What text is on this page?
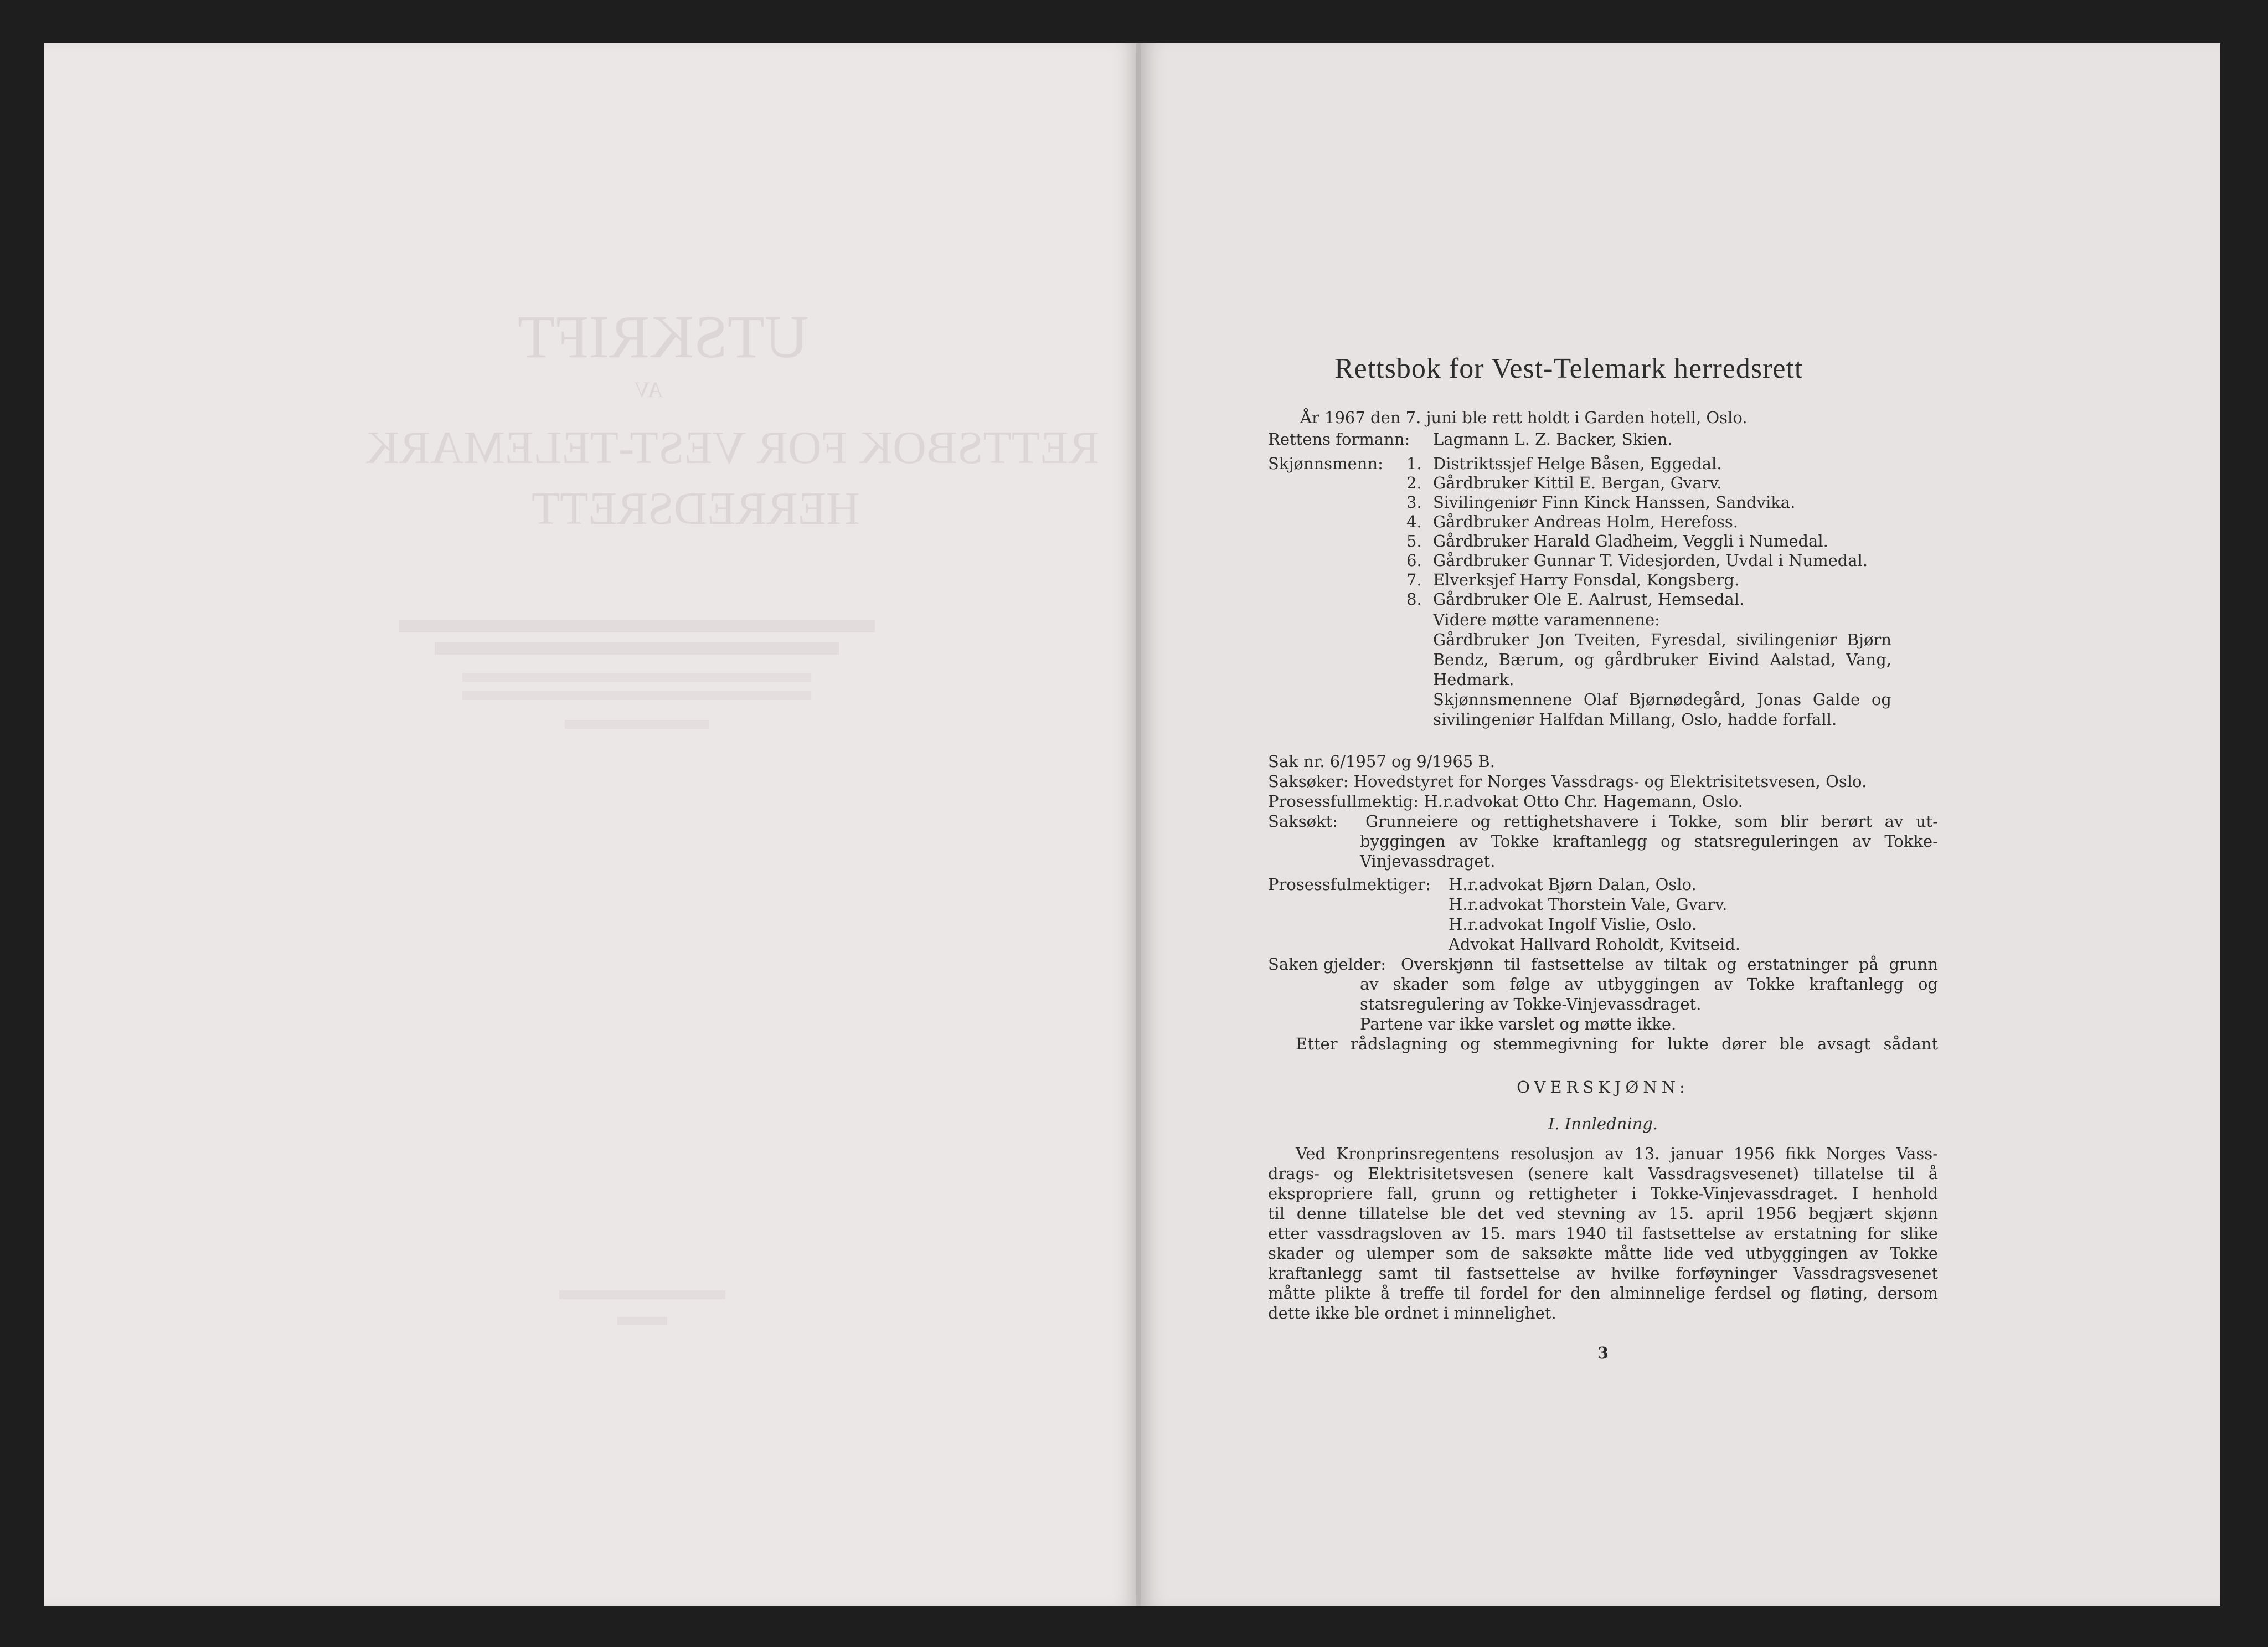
UTSKRIFT
AV
RETTSBOK FOR VEST-TELEMARK
HERREDSRETT
Rettsbok for Vest-Telemark herredsrett
År 1967 den 7. juni ble rett holdt i Garden hotell, Oslo.
Rettens formann: Lagmann L. Z. Backer, Skien.
Skjønnsmenn: 1. Distriktssjef Helge Båsen, Eggedal.
2. Gårdbruker Kittil E. Bergan, Gvarv.
3. Sivilingeniør Finn Kinck Hanssen, Sandvika.
4. Gårdbruker Andreas Holm, Herefoss.
5. Gårdbruker Harald Gladheim, Veggli i Numedal.
6. Gårdbruker Gunnar T. Videsjorden, Uvdal i Numedal.
7. Elverksjef Harry Fonsdal, Kongsberg.
8. Gårdbruker Ole E. Aalrust, Hemsedal.
Videre møtte varamennene:
Gårdbruker Jon Tveiten, Fyresdal, sivilingeniør Bjørn
Bendz, Bærum, og gårdbruker Eivind Aalstad, Vang,
Hedmark.
Skjønnsmennene Olaf Bjørnødegård, Jonas Galde og
sivilingeniør Halfdan Millang, Oslo, hadde forfall.
Sak nr. 6/1957 og 9/1965 B.
Saksøker: Hovedstyret for Norges Vassdrags- og Elektrisitetsvesen, Oslo.
Prosessfullmektig: H.r.advokat Otto Chr. Hagemann, Oslo.
Saksøkt: Grunneiere og rettighetshavere i Tokke, som blir berørt av ut-
byggingen av Tokke kraftanlegg og statsreguleringen av Tokke-
Vinjevassdraget.
Prosessfulmektiger: H.r.advokat Bjørn Dalan, Oslo.
H.r.advokat Thorstein Vale, Gvarv.
H.r.advokat Ingolf Vislie, Oslo.
Advokat Hallvard Roholdt, Kvitseid.
Saken gjelder: Overskjønn til fastsettelse av tiltak og erstatninger på grunn
av skader som følge av utbyggingen av Tokke kraftanlegg og
statsregulering av Tokke-Vinjevassdraget.
Partene var ikke varslet og møtte ikke.
Etter rådslagning og stemmegivning for lukte dører ble avsagt sådant
OVERSKJØNN:
I. Innledning.
Ved Kronprinsregentens resolusjon av 13. januar 1956 fikk Norges Vass-
drags- og Elektrisitetsvesen (senere kalt Vassdragsvesenet) tillatelse til å
ekspropriere fall, grunn og rettigheter i Tokke-Vinjevassdraget. I henhold
til denne tillatelse ble det ved stevning av 15. april 1956 begjært skjønn
etter vassdragsloven av 15. mars 1940 til fastsettelse av erstatning for slike
skader og ulemper som de saksøkte måtte lide ved utbyggingen av Tokke
kraftanlegg samt til fastsettelse av hvilke forføyninger Vassdragsvesenet
måtte plikte å treffe til fordel for den alminnelige ferdsel og fløting, dersom
dette ikke ble ordnet i minnelighet.
3
